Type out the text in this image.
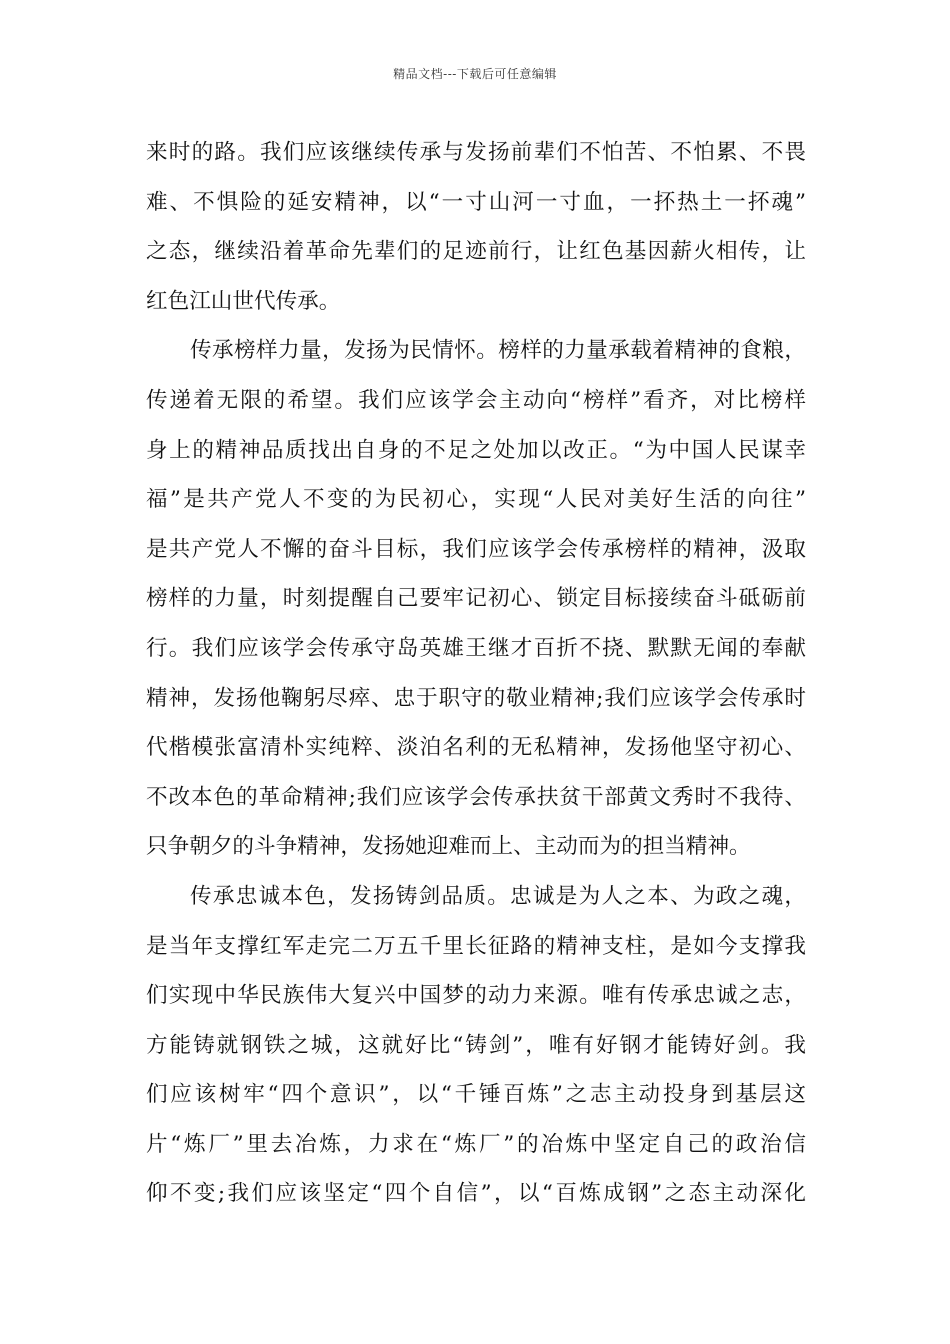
精品文档---下载后可任意编辑
来时的路。我们应该继续传承与发扬前辈们不怕苦、不怕累、不畏
难、不惧险的延安精神，以“一寸山河一寸血，一抔热土一抔魂”
之态，继续沿着革命先辈们的足迹前行，让红色基因薪火相传，让
红色江山世代传承。
传承榜样力量，发扬为民情怀。榜样的力量承载着精神的食粮，
传递着无限的希望。我们应该学会主动向“榜样”看齐，对比榜样
身上的精神品质找出自身的不足之处加以改正。“为中国人民谋幸
福”是共产党人不变的为民初心，实现“人民对美好生活的向往”
是共产党人不懈的奋斗目标，我们应该学会传承榜样的精神，汲取
榜样的力量，时刻提醒自己要牢记初心、锁定目标接续奋斗砥砺前
行。我们应该学会传承守岛英雄王继才百折不挠、默默无闻的奉献
精神，发扬他鞠躬尽瘁、忠于职守的敬业精神;我们应该学会传承时
代楷模张富清朴实纯粹、淡泊名利的无私精神，发扬他坚守初心、
不改本色的革命精神;我们应该学会传承扶贫干部黄文秀时不我待、
只争朝夕的斗争精神，发扬她迎难而上、主动而为的担当精神。
传承忠诚本色，发扬铸剑品质。忠诚是为人之本、为政之魂，
是当年支撑红军走完二万五千里长征路的精神支柱，是如今支撑我
们实现中华民族伟大复兴中国梦的动力来源。唯有传承忠诚之志，
方能铸就钢铁之城，这就好比“铸剑”，唯有好钢才能铸好剑。我
们应该树牢“四个意识”，以“千锤百炼”之志主动投身到基层这
片“炼厂”里去冶炼，力求在“炼厂”的冶炼中坚定自己的政治信
仰不变;我们应该坚定“四个自信”，以“百炼成钢”之态主动深化
